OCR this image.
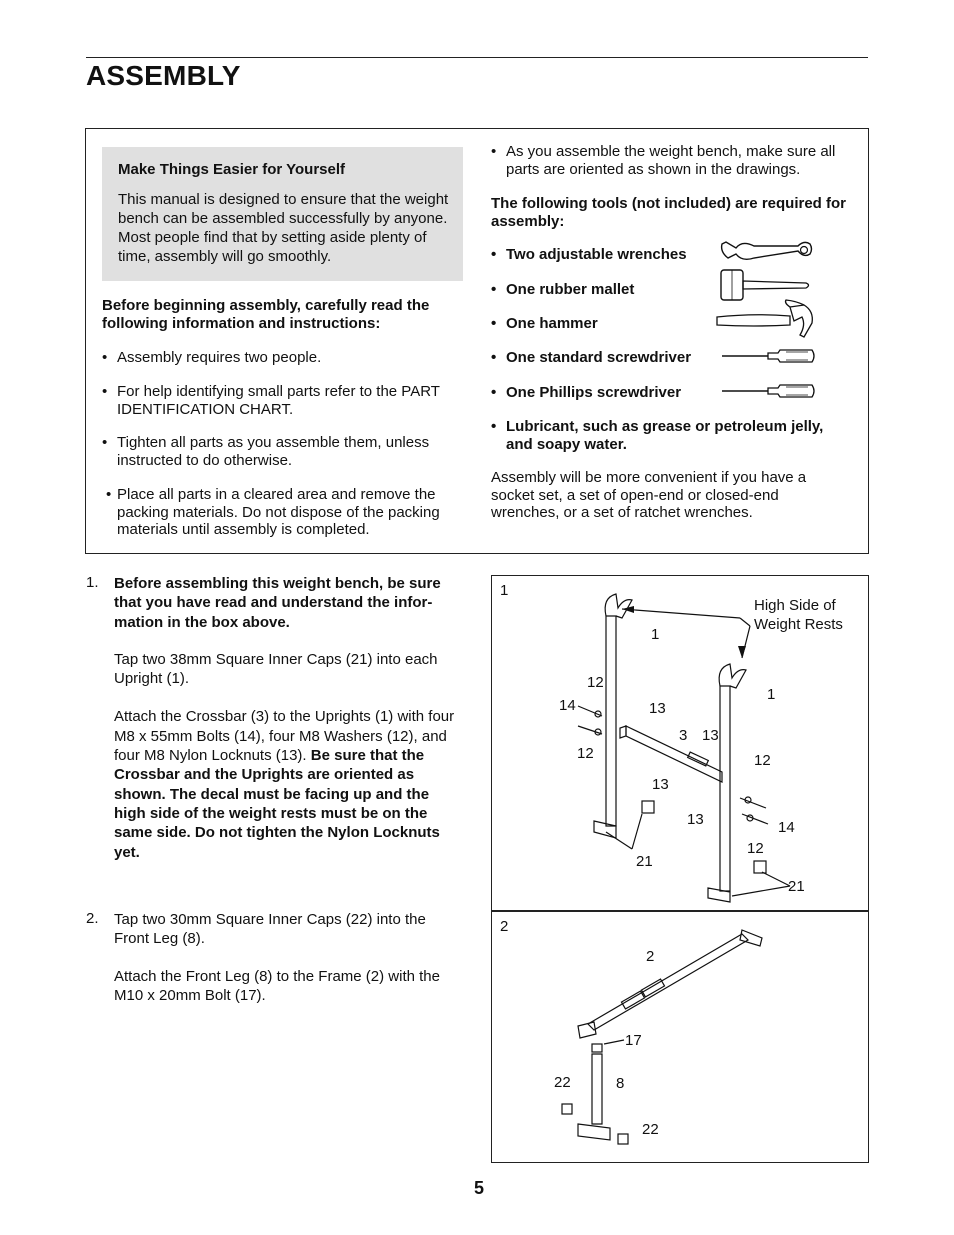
ASSEMBLY
Make Things Easier for Yourself

This manual is designed to ensure that the weight bench can be assembled successfully by anyone. Most people find that by setting aside plenty of time, assembly will go smoothly.

Before beginning assembly, carefully read the following information and instructions:
• Assembly requires two people.
• For help identifying small parts refer to the PART IDENTIFICATION CHART.
• Tighten all parts as you assemble them, unless instructed to do otherwise.
• Place all parts in a cleared area and remove the packing materials. Do not dispose of the packing materials until assembly is completed.
• As you assemble the weight bench, make sure all parts are oriented as shown in the drawings.
The following tools (not included) are required for assembly:
• Two adjustable wrenches
• One rubber mallet
• One hammer
• One standard screwdriver
• One Phillips screwdriver
• Lubricant, such as grease or petroleum jelly, and soapy water.
Assembly will be more convenient if you have a socket set, a set of open-end or closed-end wrenches, or a set of ratchet wrenches.
1. Before assembling this weight bench, be sure that you have read and understand the infor-mation in the box above.

Tap two 38mm Square Inner Caps (21) into each Upright (1).

Attach the Crossbar (3) to the Uprights (1) with four M8 x 55mm Bolts (14), four M8 Washers (12), and four M8 Nylon Locknuts (13). Be sure that the Crossbar and the Uprights are oriented as shown. The decal must be facing up and the high side of the weight rests must be on the same side. Do not tighten the Nylon Locknuts yet.

2. Tap two 30mm Square Inner Caps (22) into the Front Leg (8).

Attach the Front Leg (8) to the Frame (2) with the M10 x 20mm Bolt (17).

1
High Side of Weight Rests
1
1
12
14	13
3 13
12	12
13
13	14
12
21
21
2
2
17
22	8
22
5
